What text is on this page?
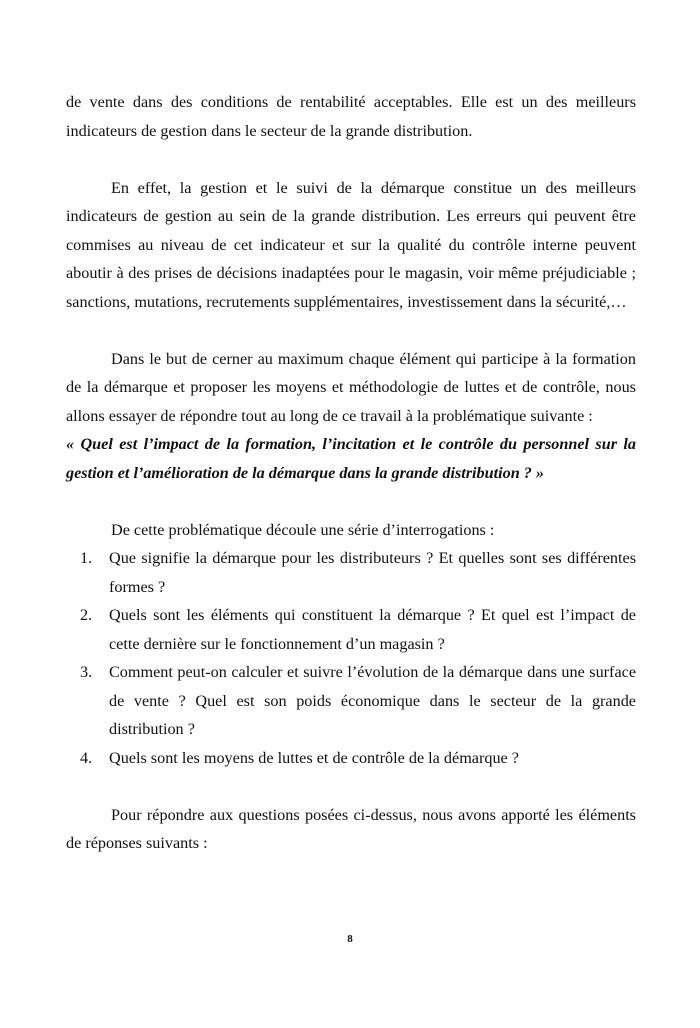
de vente dans des conditions de rentabilité acceptables. Elle est un des meilleurs indicateurs de gestion dans le secteur de la grande distribution.

En effet, la gestion et le suivi de la démarque constitue un des meilleurs indicateurs de gestion au sein de la grande distribution. Les erreurs qui peuvent être commises au niveau de cet indicateur et sur la qualité du contrôle interne peuvent aboutir à des prises de décisions inadaptées pour le magasin, voir même préjudiciable ; sanctions, mutations, recrutements supplémentaires, investissement dans la sécurité,…

Dans le but de cerner au maximum chaque élément qui participe à la formation de la démarque et proposer les moyens et méthodologie de luttes et de contrôle, nous allons essayer de répondre tout au long de ce travail à la problématique suivante :

« Quel est l’impact de la formation, l’incitation et le contrôle du personnel sur la gestion et l’amélioration de la démarque dans la grande distribution ? »

De cette problématique découle une série d’interrogations :

1. Que signifie la démarque pour les distributeurs ? Et quelles sont ses différentes formes ?
2. Quels sont les éléments qui constituent la démarque ? Et quel est l’impact de cette dernière sur le fonctionnement d’un magasin ?
3. Comment peut-on calculer et suivre l’évolution de la démarque dans une surface de vente ? Quel est son poids économique dans le secteur de la grande distribution ?
4. Quels sont les moyens de luttes et de contrôle de la démarque ?

Pour répondre aux questions posées ci-dessus, nous avons apporté les éléments de réponses suivants :

8
